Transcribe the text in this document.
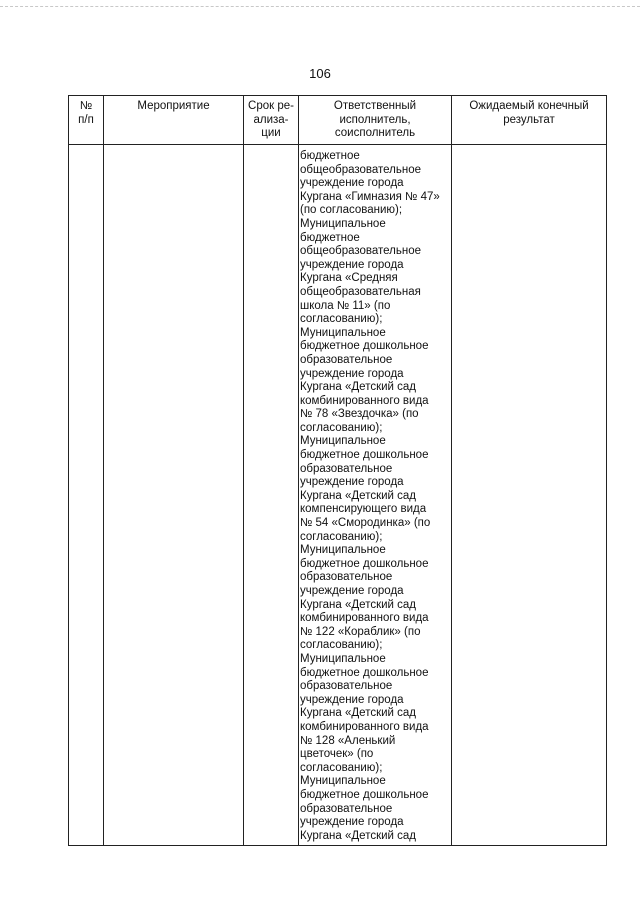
106
№
п/п
Мероприятие	Срок ре-
ализа-
ции
Ответственный
исполнитель,
соисполнитель
Ожидаемый конечный
результат
бюджетное
общеобразовательное
учреждение города
Кургана «Гимназия № 47»
(по согласованию);
Муниципальное
бюджетное
общеобразовательное
учреждение города
Кургана «Средняя
общеобразовательная
школа № 11» (по
согласованию);
Муниципальное
бюджетное дошкольное
образовательное
учреждение города
Кургана «Детский сад
комбинированного вида
№ 78 «Звездочка» (по
согласованию);
Муниципальное
бюджетное дошкольное
образовательное
учреждение города
Кургана «Детский сад
компенсирующего вида
№ 54 «Смородинка» (по
согласованию);
Муниципальное
бюджетное дошкольное
образовательное
учреждение города
Кургана «Детский сад
комбинированного вида
№ 122 «Кораблик» (по
согласованию);
Муниципальное
бюджетное дошкольное
образовательное
учреждение города
Кургана «Детский сад
комбинированного вида
№ 128 «Аленький
цветочек» (по
согласованию);
Муниципальное
бюджетное дошкольное
образовательное
учреждение города
Кургана «Детский сад
